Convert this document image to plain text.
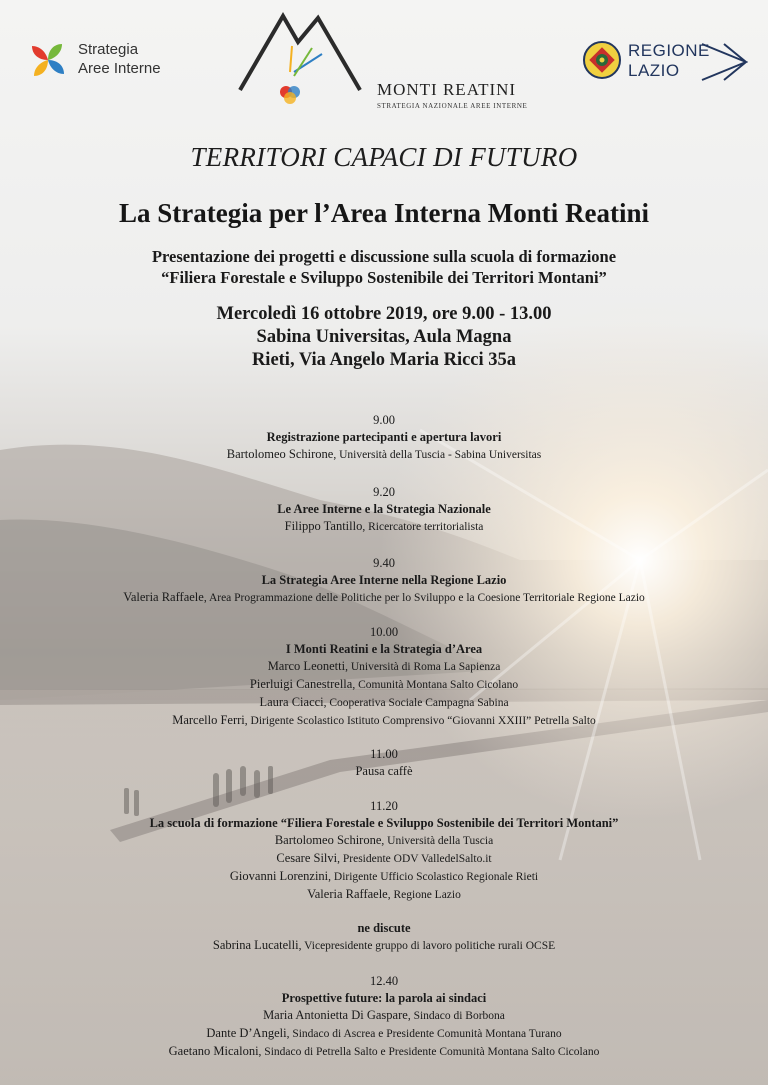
Strategia
Aree Interne
MONTI REATINI
STRATEGIA NAZIONALE AREE INTERNE
REGIONE
LAZIO
TERRITORI CAPACI DI FUTURO
La Strategia per l’Area Interna Monti Reatini
Presentazione dei progetti e discussione sulla scuola di formazione
“Filiera Forestale e Sviluppo Sostenibile dei Territori Montani”
Mercoledì 16 ottobre 2019, ore 9.00 - 13.00
Sabina Universitas, Aula Magna
Rieti, Via Angelo Maria Ricci 35a
9.00
Registrazione partecipanti e apertura lavori
Bartolomeo Schirone, Università della Tuscia - Sabina Universitas
9.20
Le Aree Interne e la Strategia Nazionale
Filippo Tantillo, Ricercatore territorialista
9.40
La Strategia Aree Interne nella Regione Lazio
Valeria Raffaele, Area Programmazione delle Politiche per lo Sviluppo e la Coesione Territoriale Regione Lazio
10.00
I Monti Reatini e la Strategia d’Area
Marco Leonetti, Università di Roma La Sapienza
Pierluigi Canestrella, Comunità Montana Salto Cicolano
Laura Ciacci, Cooperativa Sociale Campagna Sabina
Marcello Ferri, Dirigente Scolastico Istituto Comprensivo “Giovanni XXIII” Petrella Salto
11.00
Pausa caffè
11.20
La scuola di formazione “Filiera Forestale e Sviluppo Sostenibile dei Territori Montani”
Bartolomeo Schirone, Università della Tuscia
Cesare Silvi, Presidente ODV ValledelSalto.it
Giovanni Lorenzini, Dirigente Ufficio Scolastico Regionale Rieti
Valeria Raffaele, Regione Lazio
ne discute
Sabrina Lucatelli, Vicepresidente gruppo di lavoro politiche rurali OCSE
12.40
Prospettive future: la parola ai sindaci
Maria Antonietta Di Gaspare, Sindaco di Borbona
Dante D’Angeli, Sindaco di Ascrea e Presidente Comunità Montana Turano
Gaetano Micaloni, Sindaco di Petrella Salto e Presidente Comunità Montana Salto Cicolano
